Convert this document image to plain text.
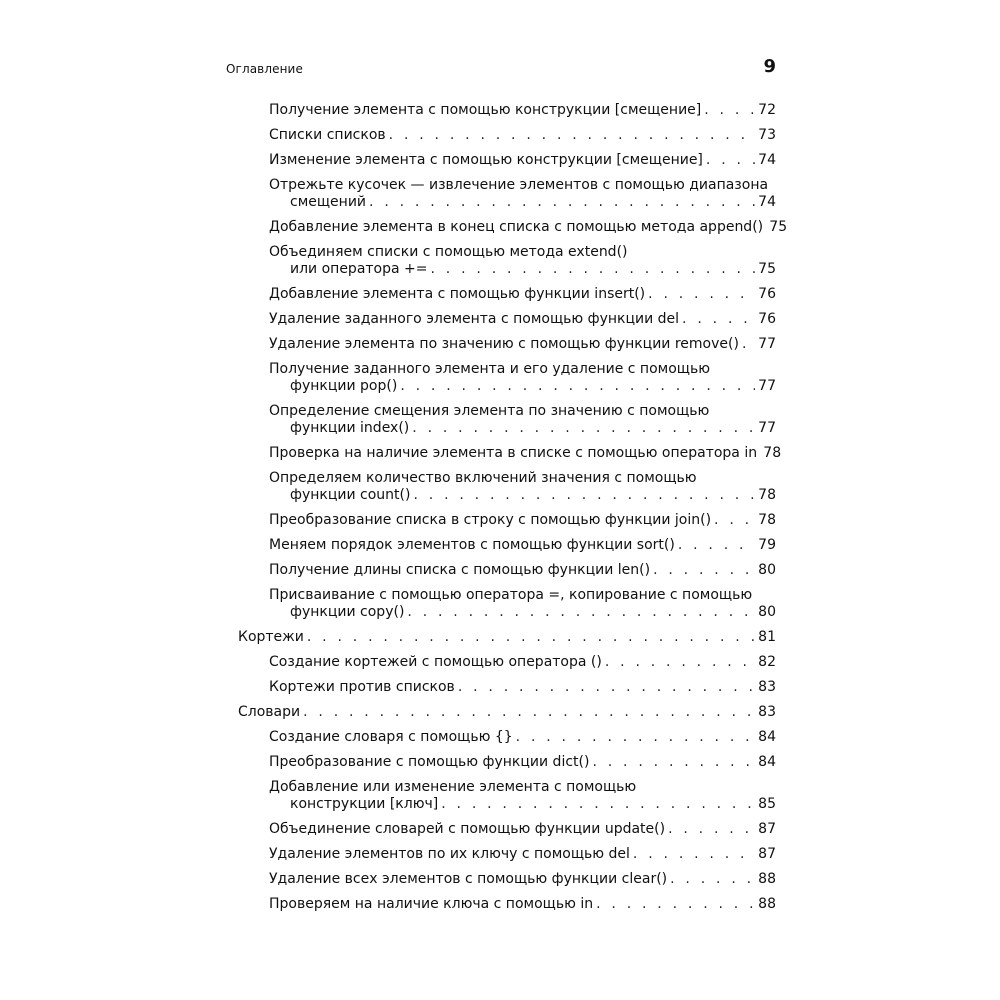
Оглавление	9
Получение элемента с помощью конструкции [смещение] . . .	72
Списки списков . . .	73
Изменение элемента с помощью конструкции [смещение] . . .	74
Отрежьте кусочек — извлечение элементов с помощью диапазона
смещений . . .	74
Добавление элемента в конец списка с помощью метода append() 75
Объединяем списки с помощью метода extend()
или оператора += . . .	75
Добавление элемента с помощью функции insert() . . .	76
Удаление заданного элемента с помощью функции del . . .	76
Удаление элемента по значению с помощью функции remove() . . . 77
Получение заданного элемента и его удаление с помощью
функции pop() . . .	77
Определение смещения элемента по значению с помощью
функции index() . . .	77
Проверка на наличие элемента в списке с помощью оператора in 78
Определяем количество включений значения с помощью
функции count() . . .	78
Преобразование списка в строку с помощью функции join() . . .	78
Меняем порядок элементов с помощью функции sort() . . .	79
Получение длины списка с помощью функции len() . . .	80
Присваивание с помощью оператора =, копирование с помощью
функции copy() . . .	80
Кортежи . . .	81
Создание кортежей с помощью оператора () . . .	82
Кортежи против списков . . .	83
Словари . . .	83
Создание словаря с помощью {} . . .	84
Преобразование с помощью функции dict() . . .	84
Добавление или изменение элемента с помощью
конструкции [ключ] . . .	85
Объединение словарей с помощью функции update() . . .	87
Удаление элементов по их ключу с помощью del . . .	87
Удаление всех элементов с помощью функции clear() . . .	88
Проверяем на наличие ключа с помощью in . . .	88
